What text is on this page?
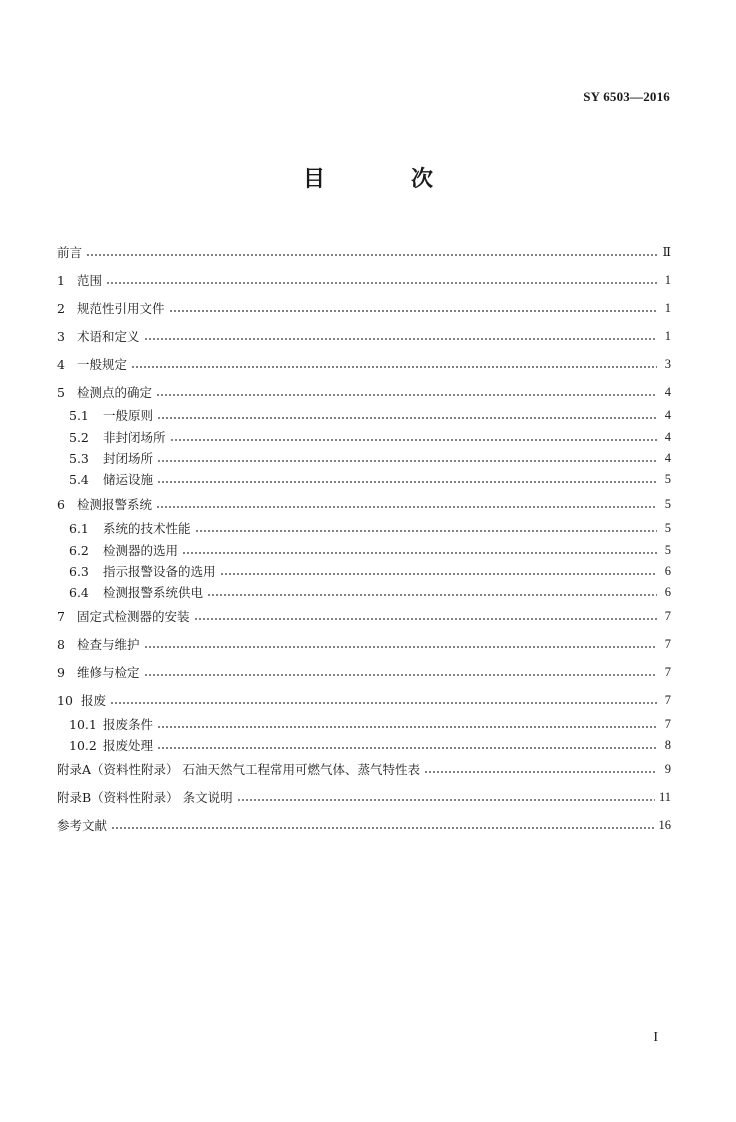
SY 6503—2016
目　次
前言	Ⅱ
1 范围	1
2 规范性引用文件	1
3 术语和定义	1
4 一般规定	3
5 检测点的确定	4
5.1	一般原则	4
5.2	非封闭场所	4
5.3	封闭场所	4
5.4	储运设施	5
6 检测报警系统	5
6.1	系统的技术性能	5
6.2	检测器的选用	5
6.3	指示报警设备的选用	6
6.4	检测报警系统供电	6
7 固定式检测器的安装	7
8 检查与维护	7
9 维修与检定	7
10 报废	7
10.1 报废条件	7
10.2 报废处理	8
附录A（资料性附录） 石油天然气工程常用可燃气体、蒸气特性表	9
附录B（资料性附录） 条文说明	11
参考文献	16
I
